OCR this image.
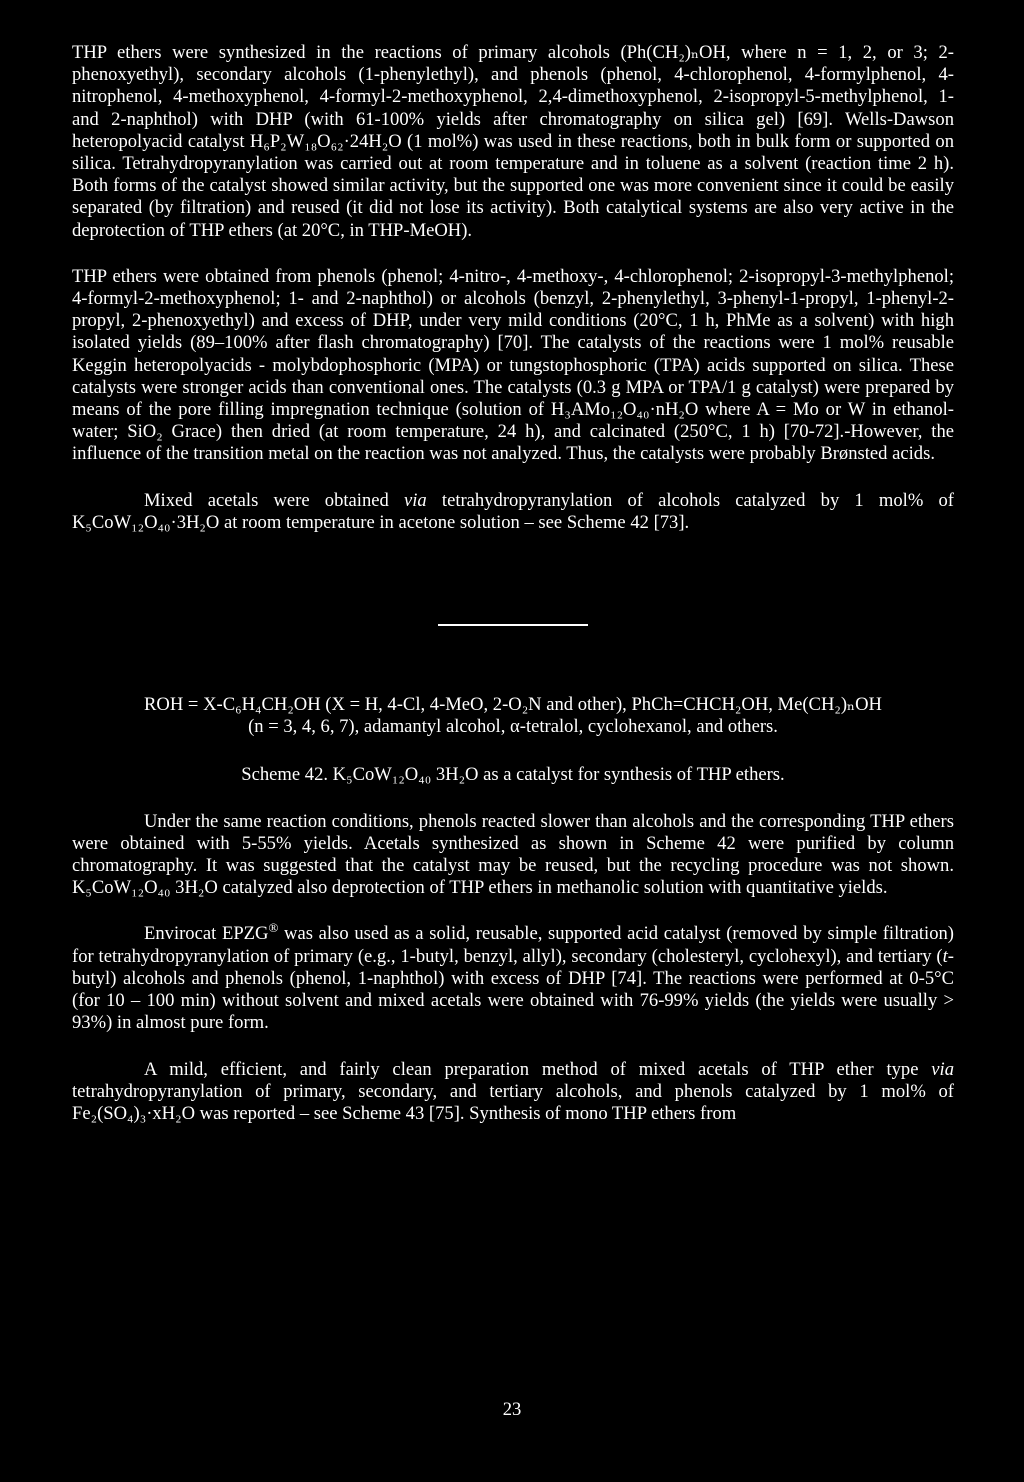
THP ethers were synthesized in the reactions of primary alcohols (Ph(CH₂)ₙOH, where n = 1, 2, or 3; 2-phenoxyethyl), secondary alcohols (1-phenylethyl), and phenols (phenol, 4-chlorophenol, 4-formylphenol, 4-nitrophenol, 4-methoxyphenol, 4-formyl-2-methoxyphenol, 2,4-dimethoxyphenol, 2-isopropyl-5-methylphenol, 1- and 2-naphthol) with DHP (with 61-100% yields after chromatography on silica gel) [69]. Wells-Dawson heteropolyacid catalyst H₆P₂W₁₈O₆₂·24H₂O (1 mol%) was used in these reactions, both in bulk form or supported on silica. Tetrahydropyranylation was carried out at room temperature and in toluene as a solvent (reaction time 2 h). Both forms of the catalyst showed similar activity, but the supported one was more convenient since it could be easily separated (by filtration) and reused (it did not lose its activity). Both catalytical systems are also very active in the deprotection of THP ethers (at 20°C, in THP-MeOH).

THP ethers were obtained from phenols (phenol; 4-nitro-, 4-methoxy-, 4-chlorophenol; 2-isopropyl-3-methylphenol; 4-formyl-2-methoxyphenol; 1- and 2-naphthol) or alcohols (benzyl, 2-phenylethyl, 3-phenyl-1-propyl, 1-phenyl-2-propyl, 2-phenoxyethyl) and excess of DHP, under very mild conditions (20°C, 1 h, PhMe as a solvent) with high isolated yields (89–100% after flash chromatography) [70]. The catalysts of the reactions were 1 mol% reusable Keggin heteropolyacids - molybdophosphoric (MPA) or tungstophosphoric (TPA) acids supported on silica. These catalysts were stronger acids than conventional ones. The catalysts (0.3 g MPA or TPA/1 g catalyst) were prepared by means of the pore filling impregnation technique (solution of H₃AMo₁₂O₄₀·nH₂O where A = Mo or W in ethanol-water; SiO₂ Grace) then dried (at room temperature, 24 h), and calcinated (250°C, 1 h) [70-72].-However, the influence of the transition metal on the reaction was not analyzed. Thus, the catalysts were probably Brønsted acids.

Mixed acetals were obtained via tetrahydropyranylation of alcohols catalyzed by 1 mol% of K₅CoW₁₂O₄₀·3H₂O at room temperature in acetone solution – see Scheme 42 [73].

ROH = X-C₆H₄CH₂OH (X = H, 4-Cl, 4-MeO, 2-O₂N and other), PhCh=CHCH₂OH, Me(CH₂)ₙOH
(n = 3, 4, 6, 7), adamantyl alcohol, α-tetralol, cyclohexanol, and others.
Scheme 42. K₅CoW₁₂O₄₀ 3H₂O as a catalyst for synthesis of THP ethers.

Under the same reaction conditions, phenols reacted slower than alcohols and the corresponding THP ethers were obtained with 5-55% yields. Acetals synthesized as shown in Scheme 42 were purified by column chromatography. It was suggested that the catalyst may be reused, but the recycling procedure was not shown. K₅CoW₁₂O₄₀ 3H₂O catalyzed also deprotection of THP ethers in methanolic solution with quantitative yields.

Envirocat EPZG® was also used as a solid, reusable, supported acid catalyst (removed by simple filtration) for tetrahydropyranylation of primary (e.g., 1-butyl, benzyl, allyl), secondary (cholesteryl, cyclohexyl), and tertiary (t-butyl) alcohols and phenols (phenol, 1-naphthol) with excess of DHP [74]. The reactions were performed at 0-5°C (for 10 – 100 min) without solvent and mixed acetals were obtained with 76-99% yields (the yields were usually > 93%) in almost pure form.

A mild, efficient, and fairly clean preparation method of mixed acetals of THP ether type via tetrahydropyranylation of primary, secondary, and tertiary alcohols, and phenols catalyzed by 1 mol% of Fe₂(SO₄)₃·xH₂O was reported – see Scheme 43 [75]. Synthesis of mono THP ethers from

23
